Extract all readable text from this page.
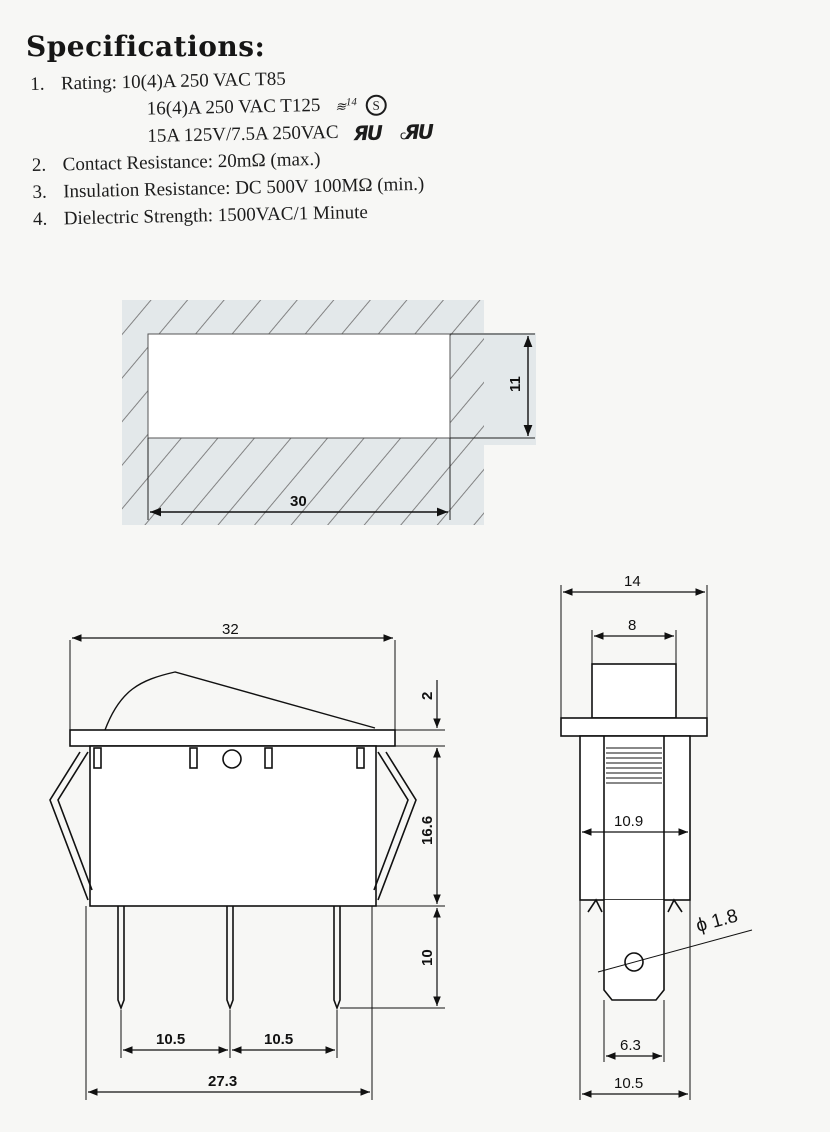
Specifications:
1. Rating: 10(4)A 250 VAC T85
16(4)A 250 VAC T125 ≋$^{14}$ S
15A 125V/7.5A 250VAC ЯU cЯU
2. Contact Resistance: 20mΩ (max.)
3. Insulation Resistance: DC 500V 100MΩ (min.)
4. Dielectric Strength: 1500VAC/1 Minute
30
11
32
2
16.6
10
10.5	10.5
27.3
14
8
10.9
ϕ 1.8
6.3
10.5
